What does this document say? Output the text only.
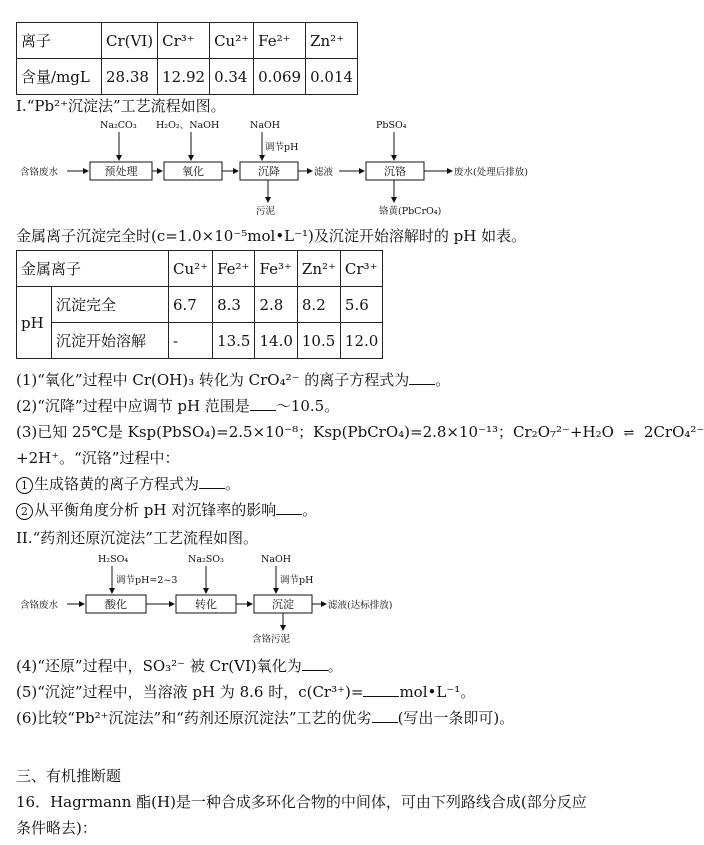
离子	Cr(VI)	Cr³⁺	Cu²⁺	Fe²⁺	Zn²⁺
含量/mgL	28.38	12.92	0.34	0.069	0.014
I.“Pb²⁺沉淀法”工艺流程如图。
Na₂CO₃ H₂O₂、NaOH	NaOH
调节pH
PbSO₄
含铬废水	滤液	废水(处理后排放)
污泥	铬黄(PbCrO₄)
预处理	氧化	沉降	沉铬
金属离子沉淀完全时(c=1.0×10⁻⁵mol•L⁻¹)及沉淀开始溶解时的 pH 如表。
金属离子		Cu²⁺	Fe²⁺	Fe³⁺	Zn²⁺	Cr³⁺
pH	沉淀完全	6.7	8.3	2.8	8.2	5.6
	沉淀开始溶解	-	13.5	14.0	10.5	12.0
(1)“氧化”过程中 Cr(OH)₃ 转化为 CrO₄²⁻ 的离子方程式为 。
(2)“沉降”过程中应调节 pH 范围是 ～10.5。
(3)已知 25℃是 Ksp(PbSO₄)=2.5×10⁻⁸；Ksp(PbCrO₄)=2.8×10⁻¹³；Cr₂O₇²⁻+H₂O ⇌ 2CrO₄²⁻
+2H⁺。“沉铬”过程中：
1 生成铬黄的离子方程式为 。
2 从平衡角度分析 pH 对沉锋率的影响 。
II.“药剂还原沉淀法”工艺流程如图。
H₂SO₄
调节pH=2~3
Na₂SO₃	NaOH
调节pH
含铬废水	滤液(达标排放)
含铬污泥
酸化	转化	沉淀
(4)“还原”过程中，SO₃²⁻ 被 Cr(VI)氧化为 。
(5)“沉淀”过程中，当溶液 pH 为 8.6 时，c(Cr³⁺)= mol•L⁻¹。
(6)比较“Pb²⁺沉淀法”和“药剂还原沉淀法”工艺的优劣 (写出一条即可)。
三、有机推断题
16．Hagrmann 酯(H)是一种合成多环化合物的中间体，可由下列路线合成(部分反应
条件略去)：
